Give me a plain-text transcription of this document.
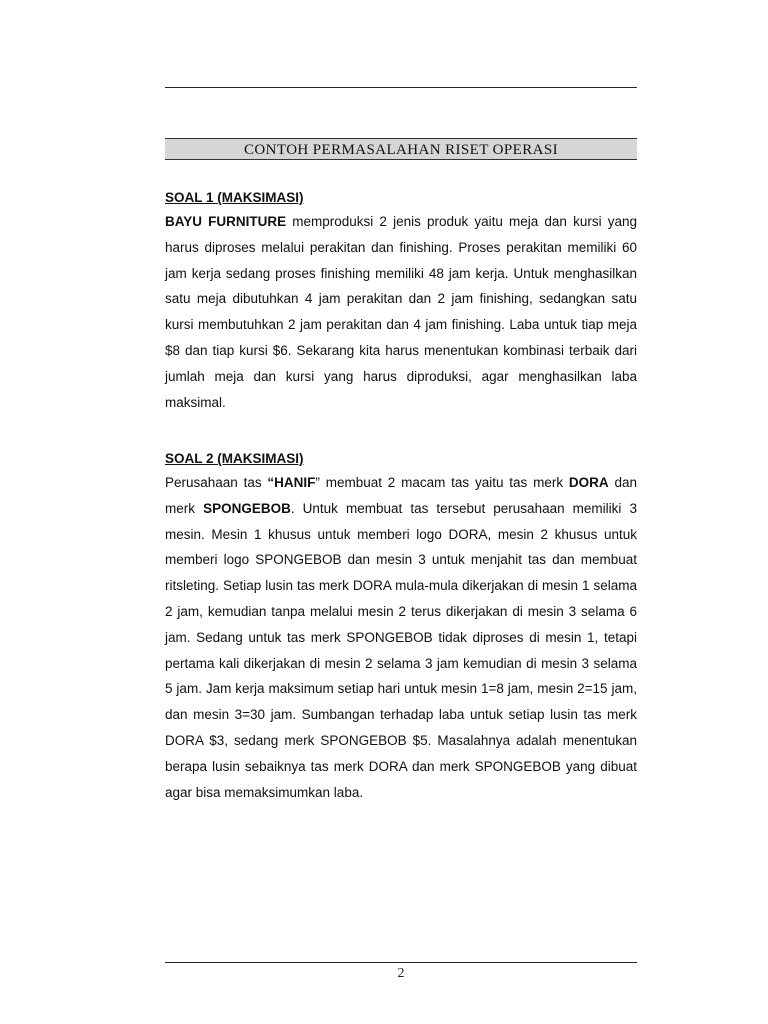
CONTOH PERMASALAHAN RISET OPERASI
SOAL 1 (MAKSIMASI)

BAYU FURNITURE memproduksi 2 jenis produk yaitu meja dan kursi yang harus diproses melalui perakitan dan finishing. Proses perakitan memiliki 60 jam kerja sedang proses finishing memiliki 48 jam kerja. Untuk menghasilkan satu meja dibutuhkan 4 jam perakitan dan 2 jam finishing, sedangkan satu kursi membutuhkan 2 jam perakitan dan 4 jam finishing. Laba untuk tiap meja $8 dan tiap kursi $6. Sekarang kita harus menentukan kombinasi terbaik dari jumlah meja dan kursi yang harus diproduksi, agar menghasilkan laba maksimal.

SOAL 2 (MAKSIMASI)

Perusahaan tas “HANIF” membuat 2 macam tas yaitu tas merk DORA dan merk SPONGEBOB. Untuk membuat tas tersebut perusahaan memiliki 3 mesin. Mesin 1 khusus untuk memberi logo DORA, mesin 2 khusus untuk memberi logo SPONGEBOB dan mesin 3 untuk menjahit tas dan membuat ritsleting. Setiap lusin tas merk DORA mula-mula dikerjakan di mesin 1 selama 2 jam, kemudian tanpa melalui mesin 2 terus dikerjakan di mesin 3 selama 6 jam. Sedang untuk tas merk SPONGEBOB tidak diproses di mesin 1, tetapi pertama kali dikerjakan di mesin 2 selama 3 jam kemudian di mesin 3 selama 5 jam. Jam kerja maksimum setiap hari untuk mesin 1=8 jam, mesin 2=15 jam, dan mesin 3=30 jam. Sumbangan terhadap laba untuk setiap lusin tas merk DORA $3, sedang merk SPONGEBOB $5. Masalahnya adalah menentukan berapa lusin sebaiknya tas merk DORA dan merk SPONGEBOB yang dibuat agar bisa memaksimumkan laba.

2
